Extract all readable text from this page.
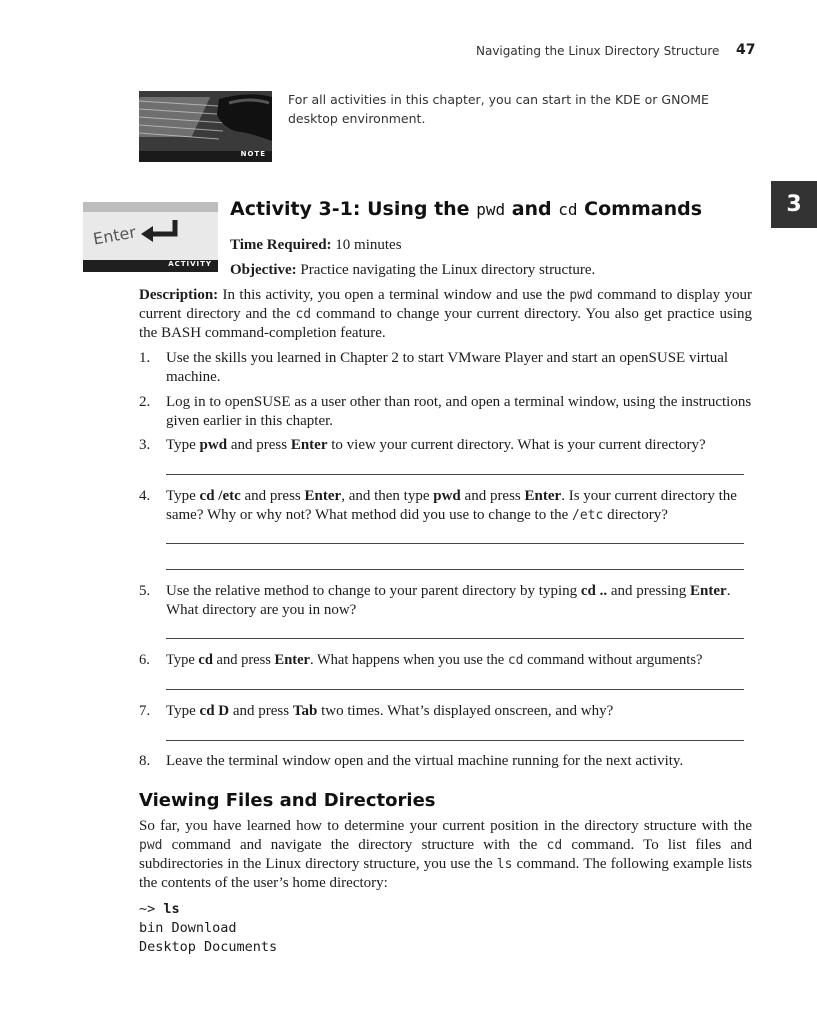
Navigating the Linux Directory Structure 47
NOTE
For all activities in this chapter, you can start in the KDE or GNOME desktop environment.
3
Enter
ACTIVITY
Activity 3-1: Using the pwd and cd Commands
Time Required: 10 minutes
Objective: Practice navigating the Linux directory structure.
Description: In this activity, you open a terminal window and use the pwd command to display your current directory and the cd command to change your current directory. You also get practice using the BASH command-completion feature.
1. Use the skills you learned in Chapter 2 to start VMware Player and start an openSUSE virtual machine.
2. Log in to openSUSE as a user other than root, and open a terminal window, using the instructions given earlier in this chapter.
3. Type pwd and press Enter to view your current directory. What is your current directory?
4. Type cd /etc and press Enter, and then type pwd and press Enter. Is your current directory the same? Why or why not? What method did you use to change to the /etc directory?
5. Use the relative method to change to your parent directory by typing cd .. and pressing Enter. What directory are you in now?
6. Type cd and press Enter. What happens when you use the cd command without arguments?
7. Type cd D and press Tab two times. What’s displayed onscreen, and why?
8. Leave the terminal window open and the virtual machine running for the next activity.
Viewing Files and Directories
So far, you have learned how to determine your current position in the directory structure with the pwd command and navigate the directory structure with the cd command. To list files and subdirectories in the Linux directory structure, you use the ls command. The following example lists the contents of the user’s home directory:
~> ls
bin Download
Desktop Documents
